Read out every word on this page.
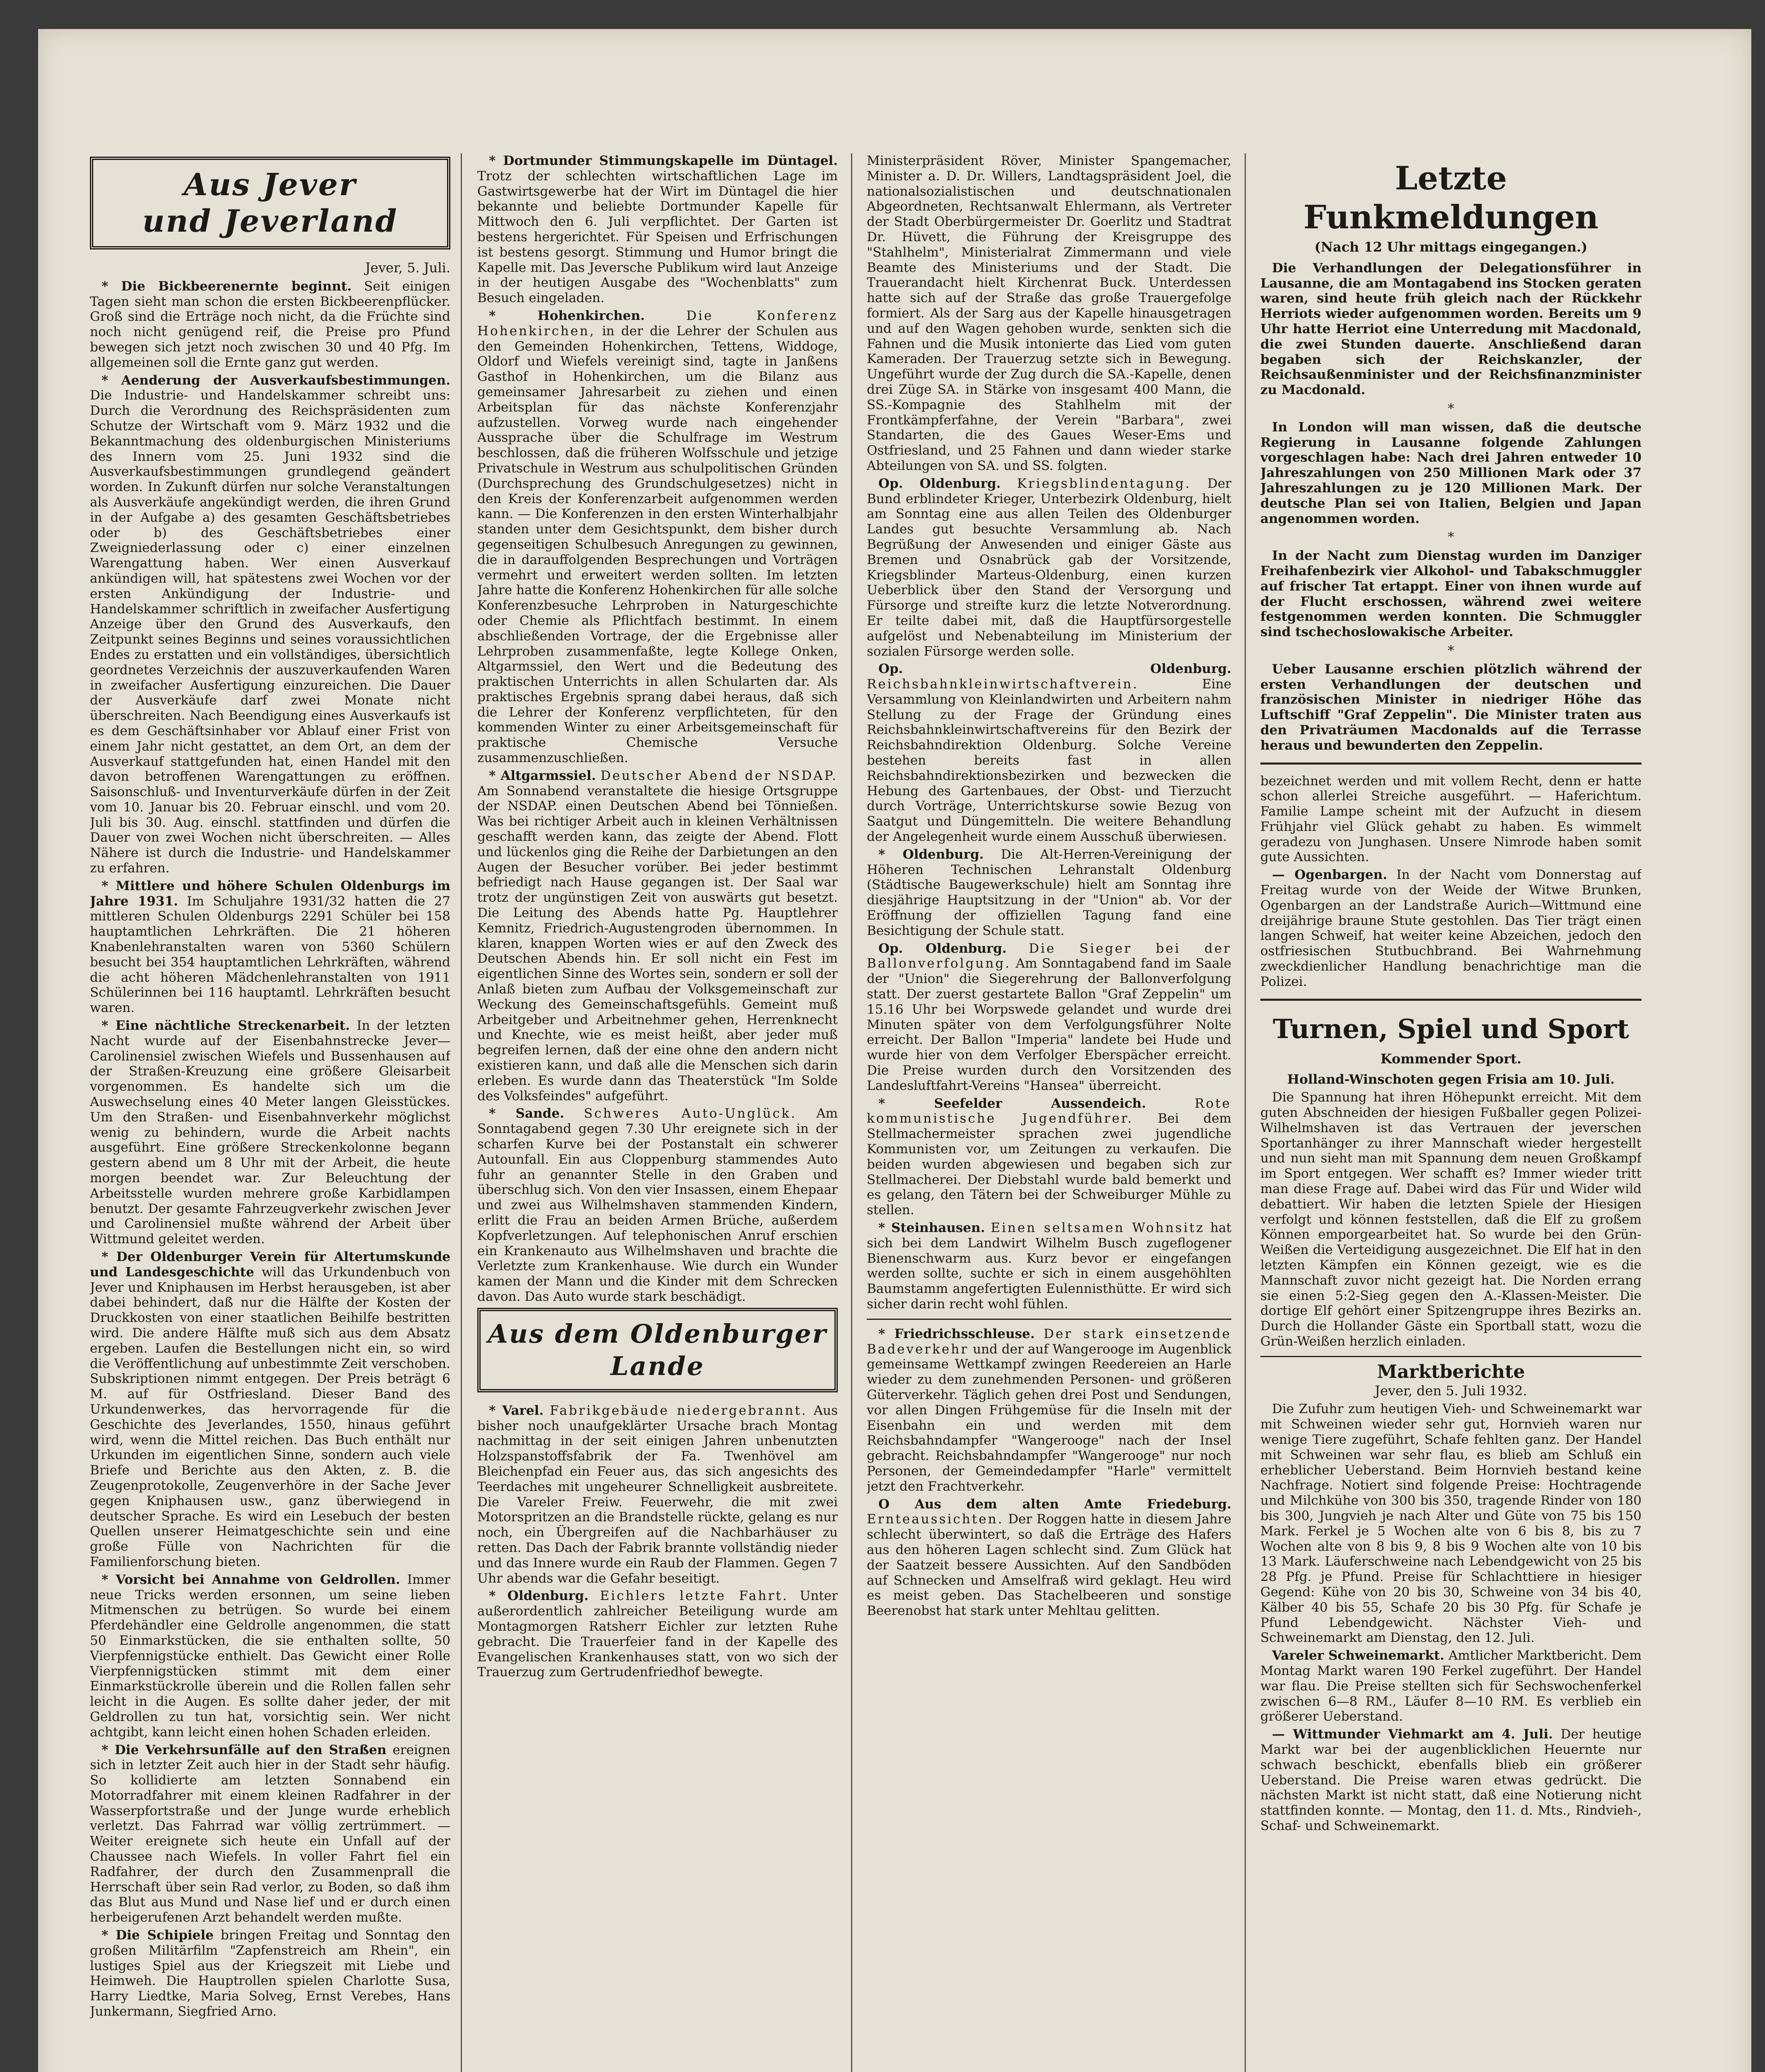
Aus Jever
und Jeverland
Jever, 5. Juli.

* Die Bickbeerenernte beginnt. Seit einigen Tagen sieht man schon die ersten Bickbeerenpflücker. Groß sind die Erträge noch nicht, da die Früchte sind noch nicht genügend reif, die Preise pro Pfund bewegen sich jetzt noch zwischen 30 und 40 Pfg. Im allgemeinen soll die Ernte ganz gut werden.

* Aenderung der Ausverkaufsbestimmungen. Die Industrie- und Handelskammer schreibt uns: Durch die Verordnung des Reichspräsidenten zum Schutze der Wirtschaft vom 9. März 1932 und die Bekanntmachung des oldenburgischen Ministeriums des Innern vom 25. Juni 1932 sind die Ausverkaufsbestimmungen grundlegend geändert worden. In Zukunft dürfen nur solche Veranstaltungen als Ausverkäufe angekündigt werden, die ihren Grund in der Aufgabe a) des gesamten Geschäftsbetriebes oder b) des Geschäftsbetriebes einer Zweigniederlassung oder c) einer einzelnen Warengattung haben. Wer einen Ausverkauf ankündigen will, hat spätestens zwei Wochen vor der ersten Ankündigung der Industrie- und Handelskammer schriftlich in zweifacher Ausfertigung Anzeige über den Grund des Ausverkaufs, den Zeitpunkt seines Beginns und seines voraussichtlichen Endes zu erstatten und ein vollständiges, übersichtlich geordnetes Verzeichnis der auszuverkaufenden Waren in zweifacher Ausfertigung einzureichen. Die Dauer der Ausverkäufe darf zwei Monate nicht überschreiten. Nach Beendigung eines Ausverkaufs ist es dem Geschäftsinhaber vor Ablauf einer Frist von einem Jahr nicht gestattet, an dem Ort, an dem der Ausverkauf stattgefunden hat, einen Handel mit den davon betroffenen Warengattungen zu eröffnen. Saisonschluß- und Inventurverkäufe dürfen in der Zeit vom 10. Januar bis 20. Februar einschl. und vom 20. Juli bis 30. Aug. einschl. stattfinden und dürfen die Dauer von zwei Wochen nicht überschreiten. — Alles Nähere ist durch die Industrie- und Handelskammer zu erfahren.

* Mittlere und höhere Schulen Oldenburgs im Jahre 1931. Im Schuljahre 1931/32 hatten die 27 mittleren Schulen Oldenburgs 2291 Schüler bei 158 hauptamtlichen Lehrkräften. Die 21 höheren Knabenlehranstalten waren von 5360 Schülern besucht bei 354 hauptamtlichen Lehrkräften, während die acht höheren Mädchenlehranstalten von 1911 Schülerinnen bei 116 hauptamtl. Lehrkräften besucht waren.

* Eine nächtliche Streckenarbeit. In der letzten Nacht wurde auf der Eisenbahnstrecke Jever—Carolinensiel zwischen Wiefels und Bussenhausen auf der Straßen-Kreuzung eine größere Gleisarbeit vorgenommen. Es handelte sich um die Auswechselung eines 40 Meter langen Gleisstückes. Um den Straßen- und Eisenbahnverkehr möglichst wenig zu behindern, wurde die Arbeit nachts ausgeführt. Eine größere Streckenkolonne begann gestern abend um 8 Uhr mit der Arbeit, die heute morgen beendet war. Zur Beleuchtung der Arbeitsstelle wurden mehrere große Karbidlampen benutzt. Der gesamte Fahrzeugverkehr zwischen Jever und Carolinensiel mußte während der Arbeit über Wittmund geleitet werden.

* Der Oldenburger Verein für Altertumskunde und Landesgeschichte will das Urkundenbuch von Jever und Kniphausen im Herbst herausgeben, ist aber dabei behindert, daß nur die Hälfte der Kosten der Druckkosten von einer staatlichen Beihilfe bestritten wird. Die andere Hälfte muß sich aus dem Absatz ergeben. Laufen die Bestellungen nicht ein, so wird die Veröffentlichung auf unbestimmte Zeit verschoben. Subskriptionen nimmt entgegen. Der Preis beträgt 6 M. auf für Ostfriesland. Dieser Band des Urkundenwerkes, das hervorragende für die Geschichte des Jeverlandes, 1550, hinaus geführt wird, wenn die Mittel reichen. Das Buch enthält nur Urkunden im eigentlichen Sinne, sondern auch viele Briefe und Berichte aus den Akten, z. B. die Zeugenprotokolle, Zeugenverhöre in der Sache Jever gegen Kniphausen usw., ganz überwiegend in deutscher Sprache. Es wird ein Lesebuch der besten Quellen unserer Heimatgeschichte sein und eine große Fülle von Nachrichten für die Familienforschung bieten.

* Vorsicht bei Annahme von Geldrollen. Immer neue Tricks werden ersonnen, um seine lieben Mitmenschen zu betrügen. So wurde bei einem Pferdehändler eine Geldrolle angenommen, die statt 50 Einmarkstücken, die sie enthalten sollte, 50 Vierpfennigstücke enthielt. Das Gewicht einer Rolle Vierpfennigstücken stimmt mit dem einer Einmarkstückrolle überein und die Rollen fallen sehr leicht in die Augen. Es sollte daher jeder, der mit Geldrollen zu tun hat, vorsichtig sein. Wer nicht achtgibt, kann leicht einen hohen Schaden erleiden.

* Die Verkehrsunfälle auf den Straßen ereignen sich in letzter Zeit auch hier in der Stadt sehr häufig. So kollidierte am letzten Sonnabend ein Motorradfahrer mit einem kleinen Radfahrer in der Wasserpfortstraße und der Junge wurde erheblich verletzt. Das Fahrrad war völlig zertrümmert. — Weiter ereignete sich heute ein Unfall auf der Chaussee nach Wiefels. In voller Fahrt fiel ein Radfahrer, der durch den Zusammenprall die Herrschaft über sein Rad verlor, zu Boden, so daß ihm das Blut aus Mund und Nase lief und er durch einen herbeigerufenen Arzt behandelt werden mußte.

* Die Schipiele bringen Freitag und Sonntag den großen Militärfilm "Zapfenstreich am Rhein", ein lustiges Spiel aus der Kriegszeit mit Liebe und Heimweh. Die Hauptrollen spielen Charlotte Susa, Harry Liedtke, Maria Solveg, Ernst Verebes, Hans Junkermann, Siegfried Arno.

* Dortmunder Stimmungskapelle im Düntagel. Trotz der schlechten wirtschaftlichen Lage im Gastwirtsgewerbe hat der Wirt im Düntagel die hier bekannte und beliebte Dortmunder Kapelle für Mittwoch den 6. Juli verpflichtet. Der Garten ist bestens hergerichtet. Für Speisen und Erfrischungen ist bestens gesorgt. Stimmung und Humor bringt die Kapelle mit. Das Jeversche Publikum wird laut Anzeige in der heutigen Ausgabe des "Wochenblatts" zum Besuch eingeladen.

* Hohenkirchen.	Die Konferenz Hohenkirchen, in der die Lehrer der Schulen aus den Gemeinden Hohenkirchen, Tettens, Widdoge, Oldorf und Wiefels vereinigt sind, tagte in Janßens Gasthof in Hohenkirchen, um die Bilanz aus gemeinsamer Jahresarbeit zu ziehen und einen Arbeitsplan für das nächste Konferenzjahr aufzustellen. Vorweg wurde nach eingehender Aussprache über die Schulfrage im Westrum beschlossen, daß die früheren Wolfsschule und jetzige Privatschule in Westrum aus schulpolitischen Gründen (Durchsprechung des Grundschulgesetzes) nicht in den Kreis der Konferenzarbeit aufgenommen werden kann. — Die Konferenzen in den ersten Winterhalbjahr standen unter dem Gesichtspunkt, dem bisher durch gegenseitigen Schulbesuch Anregungen zu gewinnen, die in darauffolgenden Besprechungen und Vorträgen vermehrt und erweitert werden sollten. Im letzten Jahre hatte die Konferenz Hohenkirchen für alle solche Konferenzbesuche Lehrproben in Naturgeschichte oder Chemie als Pflichtfach bestimmt. In einem abschließenden Vortrage, der die Ergebnisse aller Lehrproben zusammenfaßte, legte Kollege Onken, Altgarmssiel, den Wert und die Bedeutung des praktischen Unterrichts in allen Schularten dar. Als praktisches Ergebnis sprang dabei heraus, daß sich die Lehrer der Konferenz verpflichteten, für den kommenden Winter zu einer Arbeitsgemeinschaft für praktische Chemische Versuche zusammenzuschließen.

* Altgarmssiel. Deutscher Abend der NSDAP. Am Sonnabend veranstaltete die hiesige Ortsgruppe der NSDAP. einen Deutschen Abend bei Tönnießen. Was bei richtiger Arbeit auch in kleinen Verhältnissen geschafft werden kann, das zeigte der Abend. Flott und lückenlos ging die Reihe der Darbietungen an den Augen der Besucher vorüber. Bei jeder bestimmt befriedigt nach Hause gegangen ist. Der Saal war trotz der ungünstigen Zeit von auswärts gut besetzt. Die Leitung des Abends hatte Pg. Hauptlehrer Kemnitz, Friedrich-Augustengroden übernommen. In klaren, knappen Worten wies er auf den Zweck des Deutschen Abends hin. Er soll nicht ein Fest im eigentlichen Sinne des Wortes sein, sondern er soll der Anlaß bieten zum Aufbau der Volksgemeinschaft zur Weckung des Gemeinschaftsgefühls. Gemeint muß Arbeitgeber und Arbeitnehmer gehen, Herrenknecht und Knechte, wie es meist heißt, aber jeder muß begreifen lernen, daß der eine ohne den andern nicht existieren kann, und daß alle die Menschen sich darin erleben. Es wurde dann das Theaterstück "Im Solde des Volksfeindes" aufgeführt.

* Sande. Schweres Auto-Unglück. Am Sonntagabend gegen 7.30 Uhr ereignete sich in der scharfen Kurve bei der Postanstalt ein schwerer Autounfall. Ein aus Cloppenburg stammendes Auto fuhr an genannter Stelle in den Graben und überschlug sich. Von den vier Insassen, einem Ehepaar und zwei aus Wilhelmshaven stammenden Kindern, erlitt die Frau an beiden Armen Brüche, außerdem Kopfverletzungen. Auf telephonischen Anruf erschien ein Krankenauto aus Wilhelmshaven und brachte die Verletzte zum Krankenhause. Wie durch ein Wunder kamen der Mann und die Kinder mit dem Schrecken davon. Das Auto wurde stark beschädigt.

Aus dem Oldenburger
Lande

* Varel. Fabrikgebäude niedergebrannt. Aus bisher noch unaufgeklärter Ursache brach Montag nachmittag in der seit einigen Jahren unbenutzten Holzspanstoffsfabrik der Fa. Twenhövel am Bleichenpfad ein Feuer aus, das sich angesichts des Teerdaches mit ungeheurer Schnelligkeit ausbreitete. Die Vareler Freiw. Feuerwehr, die mit zwei Motorspritzen an die Brandstelle rückte, gelang es nur noch, ein Übergreifen auf die Nachbarhäuser zu retten. Das Dach der Fabrik brannte vollständig nieder und das Innere wurde ein Raub der Flammen. Gegen 7 Uhr abends war die Gefahr beseitigt.

* Oldenburg. Eichlers letzte Fahrt. Unter außerordentlich zahlreicher Beteiligung wurde am Montagmorgen Ratsherr Eichler zur letzten Ruhe gebracht. Die Trauerfeier fand in der Kapelle des Evangelischen Krankenhauses statt, von wo sich der Trauerzug zum Gertrudenfriedhof bewegte.

Ministerpräsident Röver, Minister Spangemacher, Minister a. D. Dr. Willers, Landtagspräsident Joel, die nationalsozialistischen und deutschnationalen Abgeordneten, Rechtsanwalt Ehlermann, als Vertreter der Stadt Oberbürgermeister Dr. Goerlitz und Stadtrat Dr. Hüvett, die Führung der Kreisgruppe des "Stahlhelm", Ministerialrat Zimmermann und viele Beamte des Ministeriums und der Stadt. Die Trauerandacht hielt Kirchenrat Buck. Unterdessen hatte sich auf der Straße das große Trauergefolge formiert. Als der Sarg aus der Kapelle hinausgetragen und auf den Wagen gehoben wurde, senkten sich die Fahnen und die Musik intonierte das Lied vom guten Kameraden. Der Trauerzug setzte sich in Bewegung. Ungeführt wurde der Zug durch die SA.-Kapelle, denen drei Züge SA. in Stärke von insgesamt 400 Mann, die SS.-Kompagnie des Stahlhelm mit der Frontkämpferfahne, der Verein "Barbara", zwei Standarten, die des Gaues Weser-Ems und Ostfriesland, und 25 Fahnen und dann wieder starke Abteilungen von SA. und SS. folgten.

Op. Oldenburg. Kriegsblindentagung. Der Bund erblindeter Krieger, Unterbezirk Oldenburg, hielt am Sonntag eine aus allen Teilen des Oldenburger Landes gut besuchte Versammlung ab. Nach Begrüßung der Anwesenden und einiger Gäste aus Bremen und Osnabrück gab der Vorsitzende, Kriegsblinder Marteus-Oldenburg, einen kurzen Ueberblick über den Stand der Versorgung und Fürsorge und streifte kurz die letzte Notverordnung. Er teilte dabei mit, daß die Hauptfürsorgestelle aufgelöst und Nebenabteilung im Ministerium der sozialen Fürsorge werden solle.

Op. Oldenburg. Reichsbahnkleinwirtschaftverein.	Eine Versammlung von Kleinlandwirten und Arbeitern nahm Stellung zu der Frage der Gründung eines Reichsbahnkleinwirtschaftvereins für den Bezirk der Reichsbahndirektion Oldenburg. Solche Vereine bestehen bereits fast in allen Reichsbahndirektionsbezirken und bezwecken die Hebung des Gartenbaues, der Obst- und Tierzucht durch Vorträge, Unterrichtskurse sowie Bezug von Saatgut und Düngemitteln. Die weitere Behandlung der Angelegenheit wurde einem Ausschuß überwiesen.

* Oldenburg. Die Alt-Herren-Vereinigung der Höheren Technischen Lehranstalt Oldenburg (Städtische Baugewerkschule) hielt am Sonntag ihre diesjährige Hauptsitzung in der "Union" ab. Vor der Eröffnung der offiziellen Tagung fand eine Besichtigung der Schule statt.

Op. Oldenburg. Die Sieger bei der Ballonverfolgung. Am Sonntagabend fand im Saale der "Union" die Siegerehrung der Ballonverfolgung statt. Der zuerst gestartete Ballon "Graf Zeppelin" um 15.16 Uhr bei Worpswede gelandet und wurde drei Minuten später von dem Verfolgungsführer Nolte erreicht. Der Ballon "Imperia" landete bei Hude und wurde hier von dem Verfolger Eberspächer erreicht. Die Preise wurden durch den Vorsitzenden des Landesluftfahrt-Vereins "Hansea" überreicht.

* Seefelder Aussendeich.	Rote kommunistische Jugendführer. Bei dem Stellmachermeister sprachen zwei jugendliche Kommunisten vor, um Zeitungen zu verkaufen. Die beiden wurden abgewiesen und begaben sich zur Stellmacherei. Der Diebstahl wurde bald bemerkt und es gelang, den Tätern bei der Schweiburger Mühle zu stellen.

* Steinhausen. Einen seltsamen Wohnsitz hat sich bei dem Landwirt Wilhelm Busch zugeflogener Bienenschwarm aus. Kurz bevor er eingefangen werden sollte, suchte er sich in einem ausgehöhlten Baumstamm angefertigten Eulennisthütte. Er wird sich sicher darin recht wohl fühlen.

* Friedrichsschleuse. Der stark einsetzende Badeverkehr und der auf Wangerooge im Augenblick gemeinsame Wettkampf zwingen Reedereien an Harle wieder zu dem zunehmenden Personen- und größeren Güterverkehr. Täglich gehen drei Post und Sendungen, vor allen Dingen Frühgemüse für die Inseln mit der Eisenbahn ein und werden mit dem Reichsbahndampfer "Wangerooge" nach der Insel gebracht. Reichsbahndampfer "Wangerooge" nur noch Personen, der Gemeindedampfer "Harle" vermittelt jetzt den Frachtverkehr.

O Aus dem alten Amte Friedeburg. Ernteaussichten. Der Roggen hatte in diesem Jahre schlecht überwintert, so daß die Erträge des Hafers aus den höheren Lagen schlecht sind. Zum Glück hat der Saatzeit bessere Aussichten. Auf den Sandböden auf Schnecken und Amselfraß wird geklagt. Heu wird es meist geben. Das Stachelbeeren und sonstige Beerenobst hat stark unter Mehltau gelitten.

Letzte Funkmeldungen
(Nach 12 Uhr mittags eingegangen.)

Die Verhandlungen der Delegationsführer in Lausanne, die am Montagabend ins Stocken geraten waren, sind heute früh gleich nach der Rückkehr Herriots wieder aufgenommen worden. Bereits um 9 Uhr hatte Herriot eine Unterredung mit Macdonald, die zwei Stunden dauerte. Anschließend daran begaben sich der Reichskanzler, der Reichsaußenminister und der Reichsfinanzminister zu Macdonald.

*

In London will man wissen, daß die deutsche Regierung in Lausanne folgende Zahlungen vorgeschlagen habe: Nach drei Jahren entweder 10 Jahreszahlungen von 250 Millionen Mark oder 37 Jahreszahlungen zu je 120 Millionen Mark. Der deutsche Plan sei von Italien, Belgien und Japan angenommen worden.

*

In der Nacht zum Dienstag wurden im Danziger Freihafenbezirk vier Alkohol- und Tabakschmuggler auf frischer Tat ertappt. Einer von ihnen wurde auf der Flucht erschossen, während zwei weitere festgenommen werden konnten. Die Schmuggler sind tschechoslowakische Arbeiter.

*

Ueber Lausanne erschien plötzlich während der ersten Verhandlungen der deutschen und französischen Minister in niedriger Höhe das Luftschiff "Graf Zeppelin". Die Minister traten aus den Privaträumen Macdonalds auf die Terrasse heraus und bewunderten den Zeppelin.

bezeichnet werden und mit vollem Recht, denn er hatte schon allerlei Streiche ausgeführt. — Haferichtum. Familie Lampe scheint mit der Aufzucht in diesem Frühjahr viel Glück gehabt zu haben. Es wimmelt geradezu von Junghasen. Unsere Nimrode haben somit gute Aussichten.

— Ogenbargen. In der Nacht vom Donnerstag auf Freitag wurde von der Weide der Witwe Brunken, Ogenbargen an der Landstraße Aurich—Wittmund eine dreijährige braune Stute gestohlen. Das Tier trägt einen langen Schweif, hat weiter keine Abzeichen, jedoch den ostfriesischen Stutbuchbrand. Bei Wahrnehmung zweckdienlicher Handlung benachrichtige man die Polizei.

Turnen, Spiel und Sport
Kommender Sport.

Holland-Winschoten gegen Frisia am 10. Juli.

Die Spannung hat ihren Höhepunkt erreicht. Mit dem guten Abschneiden der hiesigen Fußballer gegen Polizei-Wilhelmshaven ist das Vertrauen der jeverschen Sportanhänger zu ihrer Mannschaft wieder hergestellt und nun sieht man mit Spannung dem neuen Großkampf im Sport entgegen. Wer schafft es? Immer wieder tritt man diese Frage auf. Dabei wird das Für und Wider wild debattiert. Wir haben die letzten Spiele der Hiesigen verfolgt und können feststellen, daß die Elf zu großem Können emporgearbeitet hat. So wurde bei den Grün-Weißen die Verteidigung ausgezeichnet. Die Elf hat in den letzten Kämpfen ein Können gezeigt, wie es die Mannschaft zuvor nicht gezeigt hat. Die Norden errang sie einen 5:2-Sieg gegen den A.-Klassen-Meister. Die dortige Elf gehört einer Spitzengruppe ihres Bezirks an. Durch die Hollander Gäste ein Sportball statt, wozu die Grün-Weißen herzlich einladen.

Marktberichte
Jever, den 5. Juli 1932.

Die Zufuhr zum heutigen Vieh- und Schweinemarkt war mit Schweinen wieder sehr gut, Hornvieh waren nur wenige Tiere zugeführt, Schafe fehlten ganz. Der Handel mit Schweinen war sehr flau, es blieb am Schluß ein erheblicher Ueberstand. Beim Hornvieh bestand keine Nachfrage. Notiert sind folgende Preise: Hochtragende und Milchkühe von 300 bis 350, tragende Rinder von 180 bis 300, Jungvieh je nach Alter und Güte von 75 bis 150 Mark. Ferkel je 5 Wochen alte von 6 bis 8, bis zu 7 Wochen alte von 8 bis 9, 8 bis 9 Wochen alte von 10 bis 13 Mark. Läuferschweine nach Lebendgewicht von 25 bis 28 Pfg. je Pfund. Preise für Schlachttiere in hiesiger Gegend: Kühe von 20 bis 30, Schweine von 34 bis 40, Kälber 40 bis 55, Schafe 20 bis 30 Pfg. für Schafe je Pfund Lebendgewicht. Nächster Vieh- und Schweinemarkt am Dienstag, den 12. Juli.

Vareler Schweinemarkt. Amtlicher Marktbericht. Dem Montag Markt waren 190 Ferkel zugeführt. Der Handel war flau. Die Preise stellten sich für Sechswochenferkel zwischen 6—8 RM., Läufer 8—10 RM. Es verblieb ein größerer Ueberstand.

— Wittmunder Viehmarkt am 4. Juli. Der heutige Markt war bei der augenblicklichen Heuernte nur schwach beschickt, ebenfalls blieb ein größerer Ueberstand. Die Preise waren etwas gedrückt. Die nächsten Markt ist nicht statt, daß eine Notierung nicht stattfinden konnte. — Montag, den 11. d. Mts., Rindvieh-, Schaf- und Schweinemarkt.
